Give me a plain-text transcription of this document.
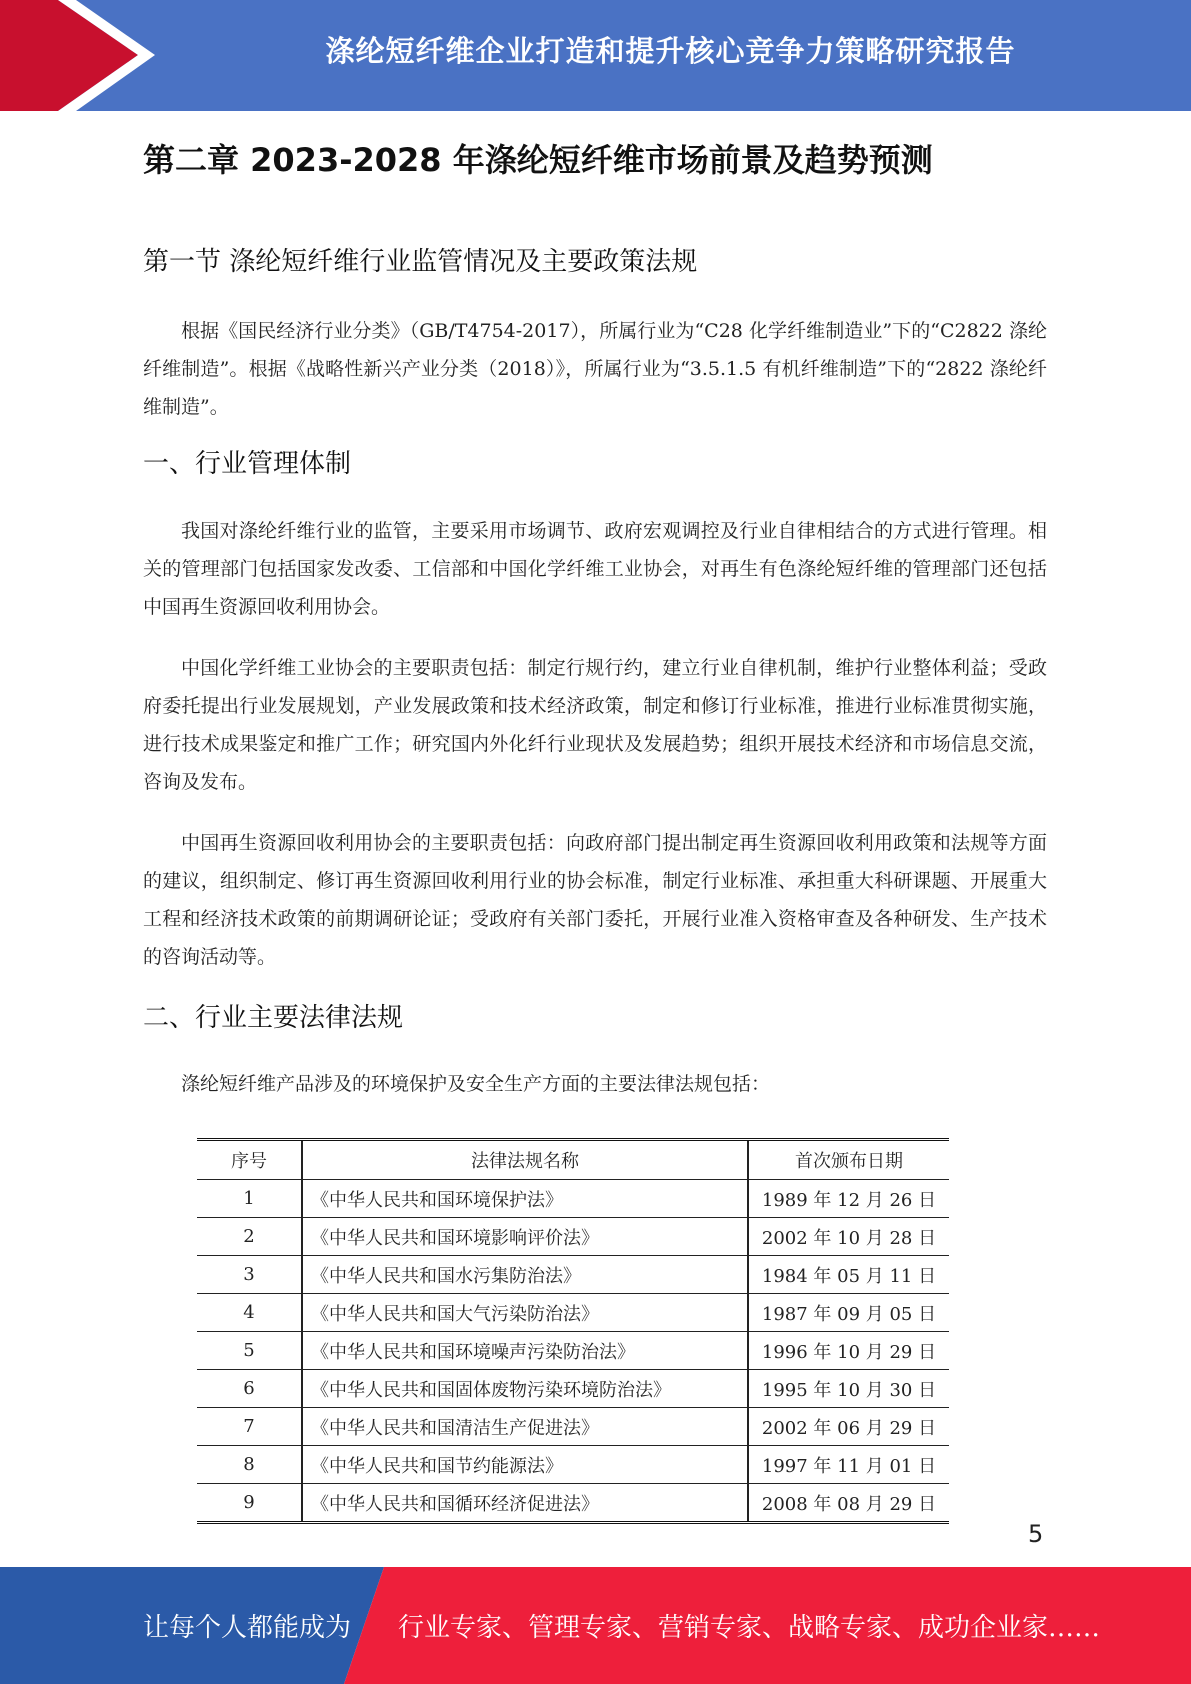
涤纶短纤维企业打造和提升核心竞争力策略研究报告
第二章 2023-2028 年涤纶短纤维市场前景及趋势预测
第一节 涤纶短纤维行业监管情况及主要政策法规
根据《国民经济行业分类》（GB/T4754-2017），所属行业为“C28 化学纤维制造业”下的“C2822 涤纶纤维制造”。根据《战略性新兴产业分类（2018）》，所属行业为“3.5.1.5 有机纤维制造”下的“2822 涤纶纤维制造”。
一、行业管理体制
我国对涤纶纤维行业的监管，主要采用市场调节、政府宏观调控及行业自律相结合的方式进行管理。相关的管理部门包括国家发改委、工信部和中国化学纤维工业协会，对再生有色涤纶短纤维的管理部门还包括中国再生资源回收利用协会。
中国化学纤维工业协会的主要职责包括：制定行规行约，建立行业自律机制，维护行业整体利益；受政府委托提出行业发展规划，产业发展政策和技术经济政策，制定和修订行业标准，推进行业标准贯彻实施，进行技术成果鉴定和推广工作；研究国内外化纤行业现状及发展趋势；组织开展技术经济和市场信息交流，咨询及发布。
中国再生资源回收利用协会的主要职责包括：向政府部门提出制定再生资源回收利用政策和法规等方面的建议，组织制定、修订再生资源回收利用行业的协会标准，制定行业标准、承担重大科研课题、开展重大工程和经济技术政策的前期调研论证；受政府有关部门委托，开展行业准入资格审查及各种研发、生产技术的咨询活动等。
二、行业主要法律法规
涤纶短纤维产品涉及的环境保护及安全生产方面的主要法律法规包括：
序号	法律法规名称	首次颁布日期
1	《中华人民共和国环境保护法》	1989 年 12 月 26 日
2	《中华人民共和国环境影响评价法》	2002 年 10 月 28 日
3	《中华人民共和国水污集防治法》	1984 年 05 月 11 日
4	《中华人民共和国大气污染防治法》	1987 年 09 月 05 日
5	《中华人民共和国环境噪声污染防治法》	1996 年 10 月 29 日
6	《中华人民共和国固体废物污染环境防治法》	1995 年 10 月 30 日
7	《中华人民共和国清洁生产促进法》	2002 年 06 月 29 日
8	《中华人民共和国节约能源法》	1997 年 11 月 01 日
9	《中华人民共和国循环经济促进法》	2008 年 08 月 29 日
5
让每个人都能成为 行业专家、管理专家、营销专家、战略专家、成功企业家……
